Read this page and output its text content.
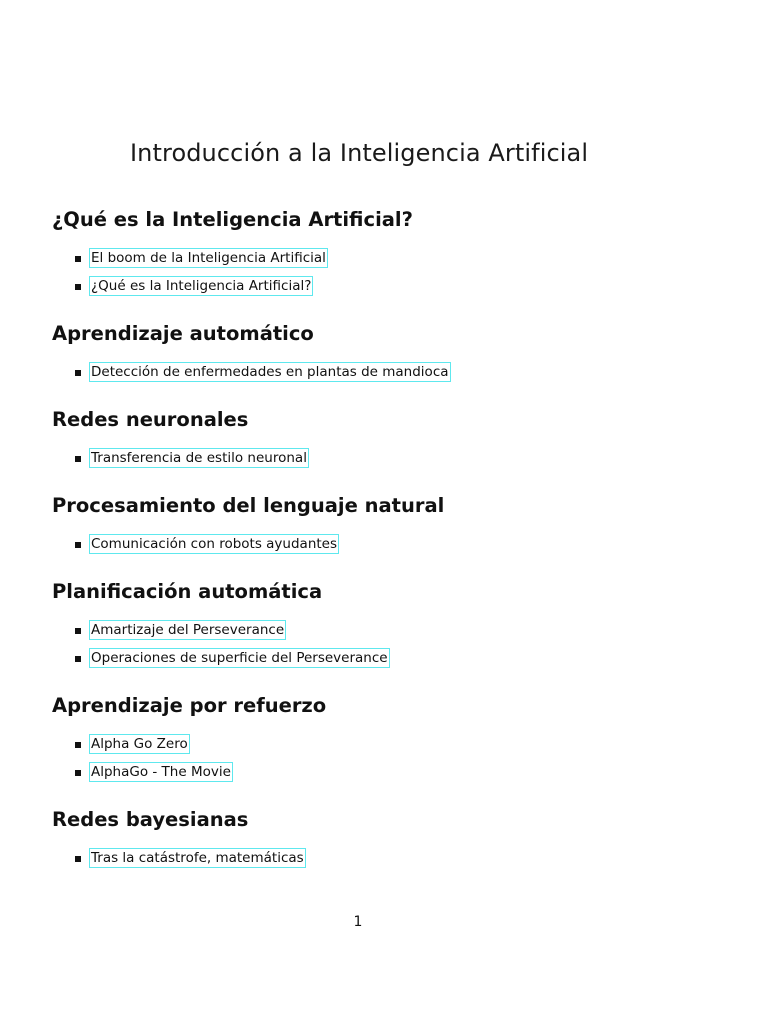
Introducción a la Inteligencia Artificial
¿Qué es la Inteligencia Artificial?
El boom de la Inteligencia Artificial
¿Qué es la Inteligencia Artificial?
Aprendizaje automático
Detección de enfermedades en plantas de mandioca
Redes neuronales
Transferencia de estilo neuronal
Procesamiento del lenguaje natural
Comunicación con robots ayudantes
Planificación automática
Amartizaje del Perseverance
Operaciones de superficie del Perseverance
Aprendizaje por refuerzo
Alpha Go Zero
AlphaGo - The Movie
Redes bayesianas
Tras la catástrofe, matemáticas
1
